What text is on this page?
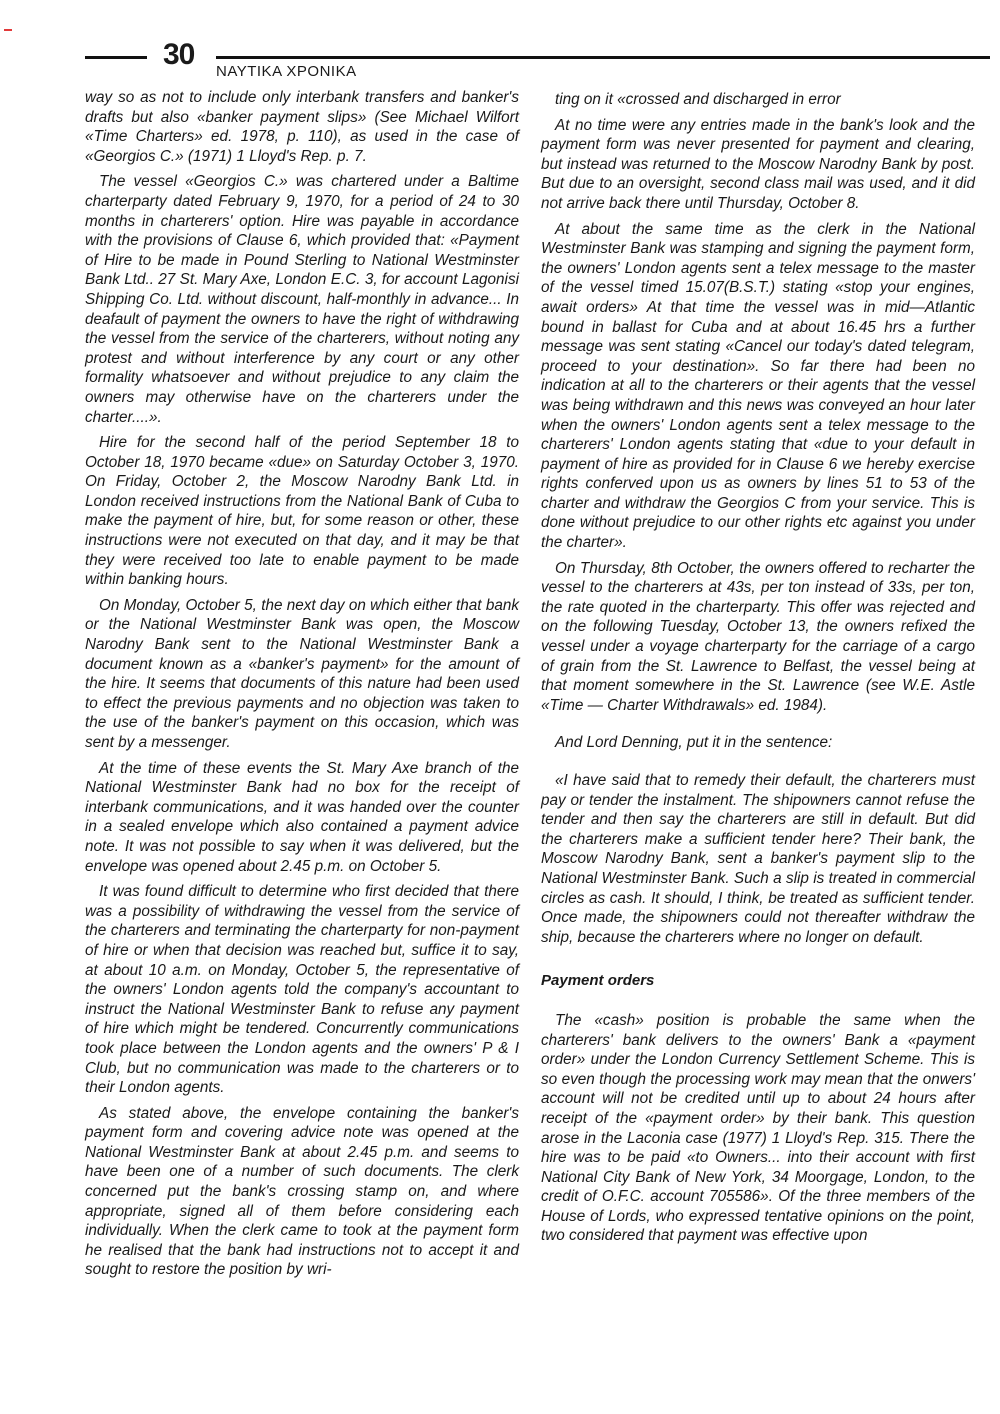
30
ΝΑΥΤΙΚΑ ΧΡΟΝΙΚΑ

way so as not to include only interbank transfers and banker's drafts but also «banker payment slips» (See Michael Wilfort «Time Charters» ed. 1978, p. 110), as used in the case of «Georgios C.» (1971) 1 Lloyd's Rep. p. 7.

The vessel «Georgios C.» was chartered under a Baltime charterparty dated February 9, 1970, for a period of 24 to 30 months in charterers' option. Hire was payable in accordance with the provisions of Clause 6, which provided that: «Payment of Hire to be made in Pound Sterling to National Westminster Bank Ltd.. 27 St. Mary Axe, London E.C. 3, for account Lagonisi Shipping Co. Ltd. without discount, half-monthly in advance... In deafault of payment the owners to have the right of withdrawing the vessel from the service of the charterers, without noting any protest and without interference by any court or any other formality whatsoever and without prejudice to any claim the owners may otherwise have on the charterers under the charter....».

Hire for the second half of the period September 18 to October 18, 1970 became «due» on Saturday October 3, 1970. On Friday, October 2, the Moscow Narodny Bank Ltd. in London received instructions from the National Bank of Cuba to make the payment of hire, but, for some reason or other, these instructions were not executed on that day, and it may be that they were received too late to enable payment to be made within banking hours.

On Monday, October 5, the next day on which either that bank or the National Westminster Bank was open, the Moscow Narodny Bank sent to the National Westminster Bank a document known as a «banker's payment» for the amount of the hire. It seems that documents of this nature had been used to effect the previous payments and no objection was taken to the use of the banker's payment on this occasion, which was sent by a messenger.

At the time of these events the St. Mary Axe branch of the National Westminster Bank had no box for the receipt of interbank communications, and it was handed over the counter in a sealed envelope which also contained a payment advice note. It was not possible to say when it was delivered, but the envelope was opened about 2.45 p.m. on October 5.

It was found difficult to determine who first decided that there was a possibility of withdrawing the vessel from the service of the charterers and terminating the charterparty for non-payment of hire or when that decision was reached but, suffice it to say, at about 10 a.m. on Monday, October 5, the representative of the owners' London agents told the company's accountant to instruct the National Westminster Bank to refuse any payment of hire which might be tendered. Concurrently communications took place between the London agents and the owners' P & I Club, but no communication was made to the charterers or to their London agents.

As stated above, the envelope containing the banker's payment form and covering advice note was opened at the National Westminster Bank at about 2.45 p.m. and seems to have been one of a number of such documents. The clerk concerned put the bank's crossing stamp on, and where appropriate, signed all of them before considering each individually. When the clerk came to took at the payment form he realised that the bank had instructions not to accept it and sought to restore the position by wri-

ting on it «crossed and discharged in error

At no time were any entries made in the bank's look and the payment form was never presented for payment and clearing, but instead was returned to the Moscow Narodny Bank by post. But due to an oversight, second class mail was used, and it did not arrive back there until Thursday, October 8.

At about the same time as the clerk in the National Westminster Bank was stamping and signing the payment form, the owners' London agents sent a telex message to the master of the vessel timed 15.07(B.S.T.) stating «stop your engines, await orders» At that time the vessel was in mid—Atlantic bound in ballast for Cuba and at about 16.45 hrs a further message was sent stating «Cancel our today's dated telegram, proceed to your destination». So far there had been no indication at all to the charterers or their agents that the vessel was being withdrawn and this news was conveyed an hour later when the owners' London agents sent a telex message to the charterers' London agents stating that «due to your default in payment of hire as provided for in Clause 6 we hereby exercise rights conferved upon us as owners by lines 51 to 53 of the charter and withdraw the Georgios C from your service. This is done without prejudice to our other rights etc against you under the charter».

On Thursday, 8th October, the owners offered to recharter the vessel to the charterers at 43s, per ton instead of 33s, per ton, the rate quoted in the charterparty. This offer was rejected and on the following Tuesday, October 13, the owners refixed the vessel under a voyage charterparty for the carriage of a cargo of grain from the St. Lawrence to Belfast, the vessel being at that moment somewhere in the St. Lawrence (see W.E. Astle «Time — Charter Withdrawals» ed. 1984).

And Lord Denning, put it in the sentence:

«I have said that to remedy their default, the charterers must pay or tender the instalment. The shipowners cannot refuse the tender and then say the charterers are still in default. But did the charterers make a sufficient tender here? Their bank, the Moscow Narodny Bank, sent a banker's payment slip to the National Westminster Bank. Such a slip is treated in commercial circles as cash. It should, I think, be treated as sufficient tender. Once made, the shipowners could not thereafter withdraw the ship, because the charterers where no longer on default.

Payment orders

The «cash» position is probable the same when the charterers' bank delivers to the owners' Bank a «payment order» under the London Currency Settlement Scheme. This is so even though the processing work may mean that the onwers' account will not be credited until up to about 24 hours after receipt of the «payment order» by their bank. This question arose in the Laconia case (1977) 1 Lloyd's Rep. 315. There the hire was to be paid «to Owners... into their account with first National City Bank of New York, 34 Moorgage, London, to the credit of O.F.C. account 705586». Of the three members of the House of Lords, who expressed tentative opinions on the point, two considered that payment was effective upon
